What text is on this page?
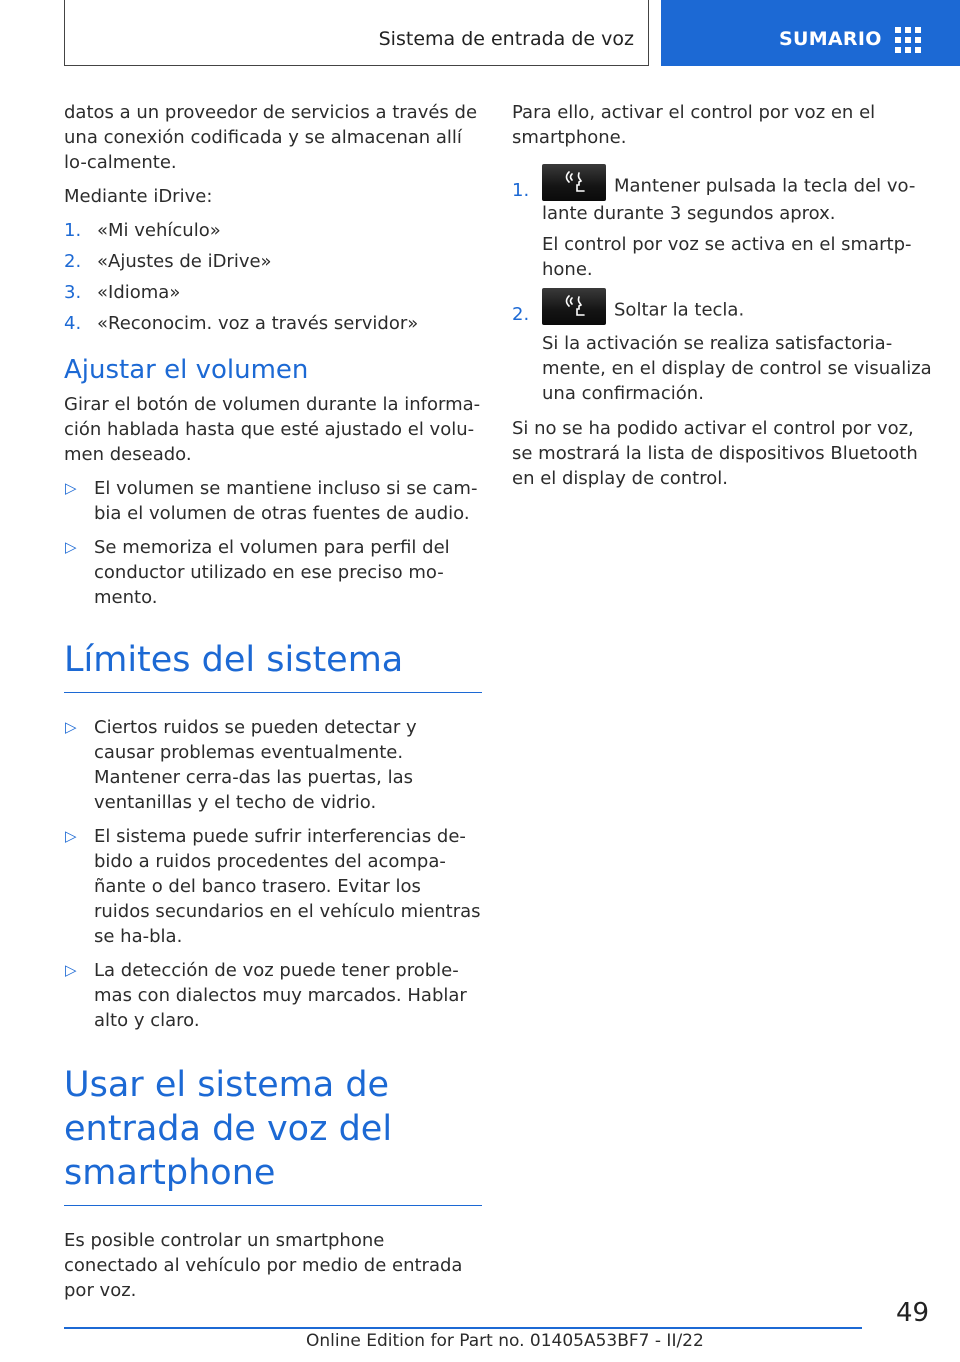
Sistema de entrada de voz	SUMARIO

datos a un proveedor de servicios a través de una conexión codificada y se almacenan allí lo-calmente.

Mediante iDrive:

1. «Mi vehículo»
2. «Ajustes de iDrive»
3. «Idioma»
4. «Reconocim. voz a través servidor»
Ajustar el volumen

Girar el botón de volumen durante la informa-ción hablada hasta que esté ajustado el volu-men deseado.

▷ El volumen se mantiene incluso si se cam-bia el volumen de otras fuentes de audio.
▷ Se memoriza el volumen para perfil del conductor utilizado en ese preciso mo-mento.
Límites del sistema
▷ Ciertos ruidos se pueden detectar y causar problemas eventualmente. Mantener cerra-das las puertas, las ventanillas y el techo de vidrio.
▷ El sistema puede sufrir interferencias de-bido a ruidos procedentes del acompa-ñante o del banco trasero. Evitar los ruidos secundarios en el vehículo mientras se ha-bla.
▷ La detección de voz puede tener proble-mas con dialectos muy marcados. Hablar alto y claro.
Usar el sistema de entrada de voz del smartphone

Es posible controlar un smartphone conectado al vehículo por medio de entrada por voz.

Para ello, activar el control por voz en el smartphone.

1.	Mantener pulsada la tecla del vo-lante durante 3 segundos aprox.

El control por voz se activa en el smartp-hone.

2.	Soltar la tecla.

Si la activación se realiza satisfactoria-mente, en el display de control se visualiza una confirmación.

Si no se ha podido activar el control por voz, se mostrará la lista de dispositivos Bluetooth en el display de control.

49
Online Edition for Part no. 01405A53BF7 - II/22
